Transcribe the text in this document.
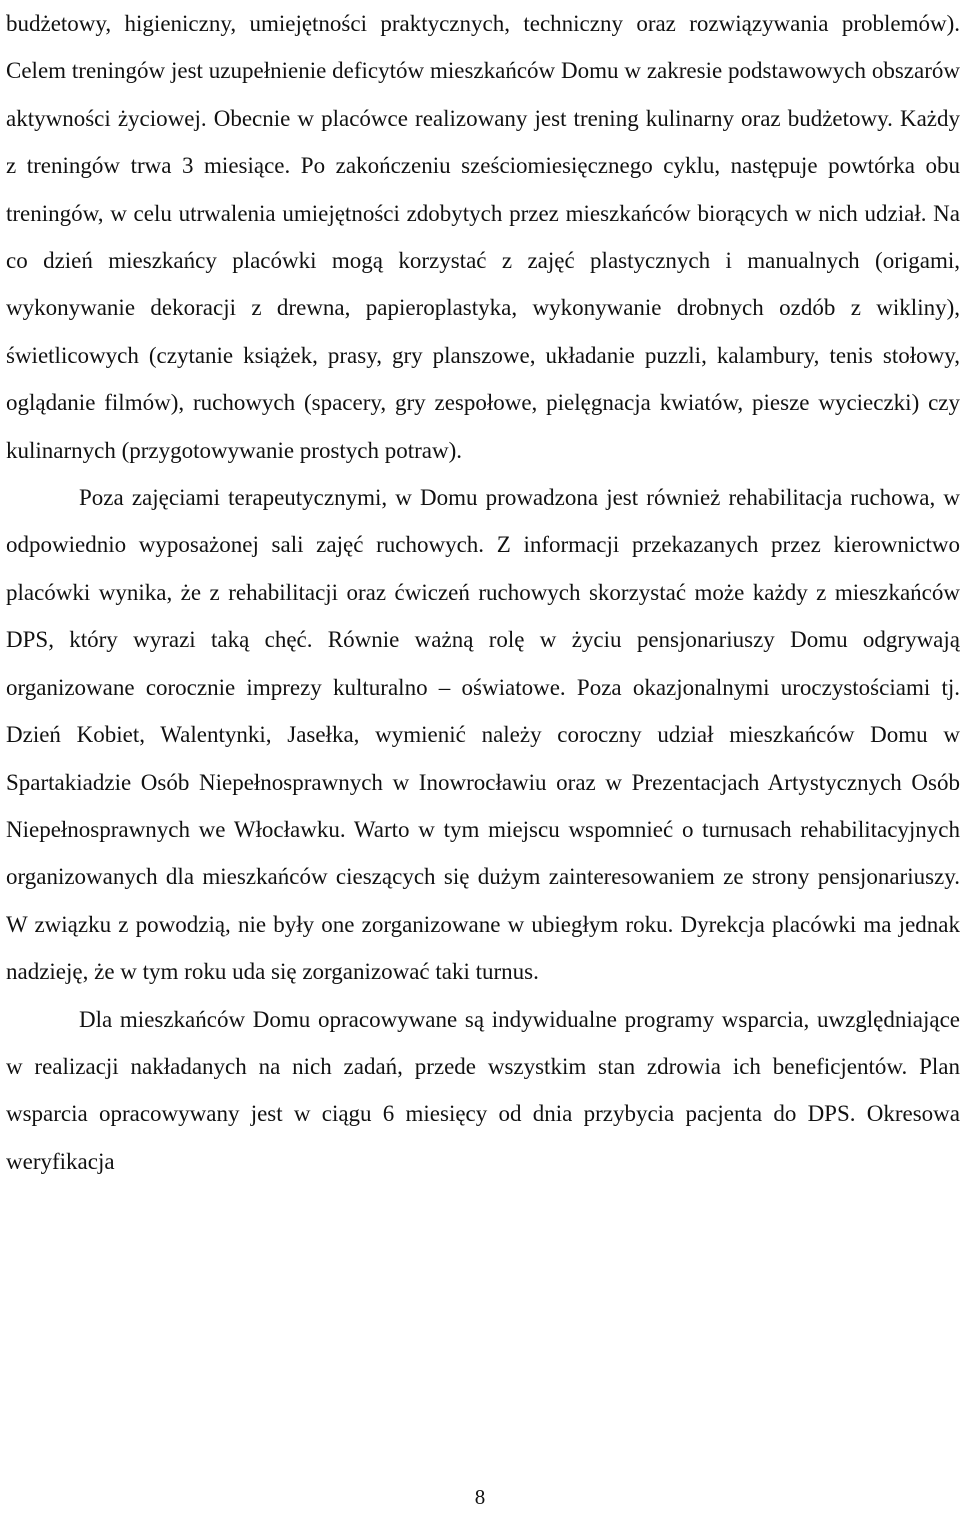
budżetowy, higieniczny, umiejętności praktycznych, techniczny oraz rozwiązywania problemów). Celem treningów jest uzupełnienie deficytów mieszkańców Domu w zakresie podstawowych obszarów aktywności życiowej. Obecnie w placówce realizowany jest trening kulinarny oraz budżetowy. Każdy z treningów trwa 3 miesiące. Po zakończeniu sześciomiesięcznego cyklu, następuje powtórka obu treningów, w celu utrwalenia umiejętności zdobytych przez mieszkańców biorących w nich udział. Na co dzień mieszkańcy placówki mogą korzystać z zajęć plastycznych i manualnych (origami, wykonywanie dekoracji z drewna, papieroplastyka, wykonywanie drobnych ozdób z wikliny), świetlicowych (czytanie książek, prasy, gry planszowe, układanie puzzli, kalambury, tenis stołowy, oglądanie filmów), ruchowych (spacery, gry zespołowe, pielęgnacja kwiatów, piesze wycieczki) czy kulinarnych (przygotowywanie prostych potraw).

Poza zajęciami terapeutycznymi, w Domu prowadzona jest również rehabilitacja ruchowa, w odpowiednio wyposażonej sali zajęć ruchowych. Z informacji przekazanych przez kierownictwo placówki wynika, że z rehabilitacji oraz ćwiczeń ruchowych skorzystać może każdy z mieszkańców DPS, który wyrazi taką chęć. Równie ważną rolę w życiu pensjonariuszy Domu odgrywają organizowane corocznie imprezy kulturalno – oświatowe. Poza okazjonalnymi uroczystościami tj. Dzień Kobiet, Walentynki, Jasełka, wymienić należy coroczny udział mieszkańców Domu w Spartakiadzie Osób Niepełnosprawnych w Inowrocławiu oraz w Prezentacjach Artystycznych Osób Niepełnosprawnych we Włocławku. Warto w tym miejscu wspomnieć o turnusach rehabilitacyjnych organizowanych dla mieszkańców cieszących się dużym zainteresowaniem ze strony pensjonariuszy. W związku z powodzią, nie były one zorganizowane w ubiegłym roku. Dyrekcja placówki ma jednak nadzieję, że w tym roku uda się zorganizować taki turnus.

Dla mieszkańców Domu opracowywane są indywidualne programy wsparcia, uwzględniające w realizacji nakładanych na nich zadań, przede wszystkim stan zdrowia ich beneficjentów. Plan wsparcia opracowywany jest w ciągu 6 miesięcy od dnia przybycia pacjenta do DPS. Okresowa weryfikacja

8
